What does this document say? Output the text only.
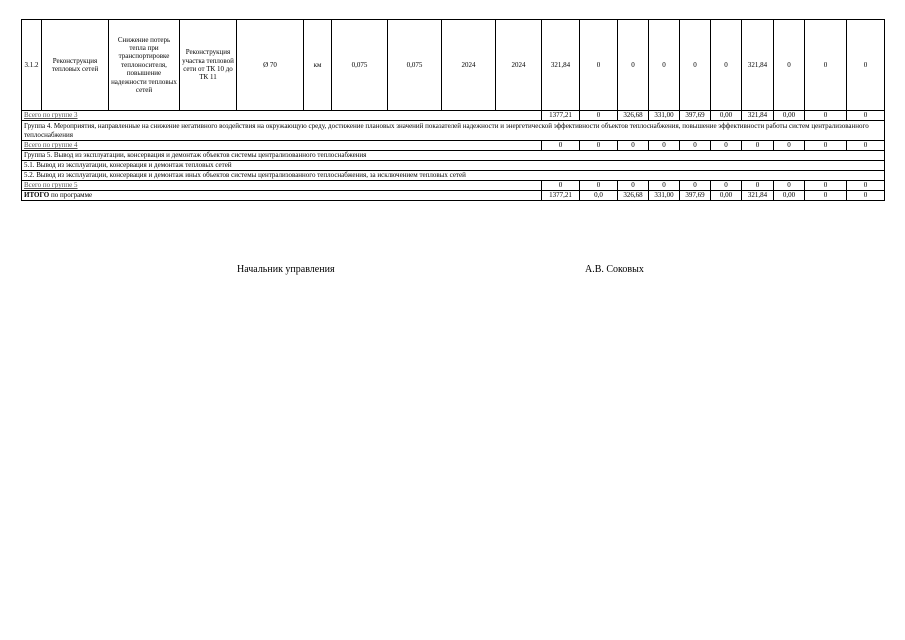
3.1.2	Реконструкция тепловых сетей	Снижение потерь тепла при транспортировке теплоносителя, повышение надежности тепловых сетей	Реконструкция участка тепловой сети от ТК 10 до ТК 11	Ø 70	км	0,075	0,075	2024	2024	321,84	0	0	0	0	0	321,84	0	0	0
Всего по группе 3										1377,21	0	326,68	331,00	397,69	0,00	321,84	0,00	0	0
Группа 4. Мероприятия, направленные на снижение негативного воздействия на окружающую среду, достижение плановых значений показателей надежности и энергетической эффективности объектов теплоснабжения, повышение эффективности работы систем централизованного теплоснабжения																			
Всего по группе 4										0	0	0	0	0	0	0	0	0	0
Группа 5. Вывод из эксплуатации, консервация и демонтаж объектов системы централизованного теплоснабжения																			
5.1. Вывод из эксплуатации, консервация и демонтаж тепловых сетей																			
5.2. Вывод из эксплуатации, консервация и демонтаж иных объектов системы централизованного теплоснабжения, за исключением тепловых сетей																			
Всего по группе 5										0	0	0	0	0	0	0	0	0	0
ИТОГО по программе										1377,21	0,0	326,68	331,00	397,69	0,00	321,84	0,00	0	0
Начальник управления	А.В. Соковых
